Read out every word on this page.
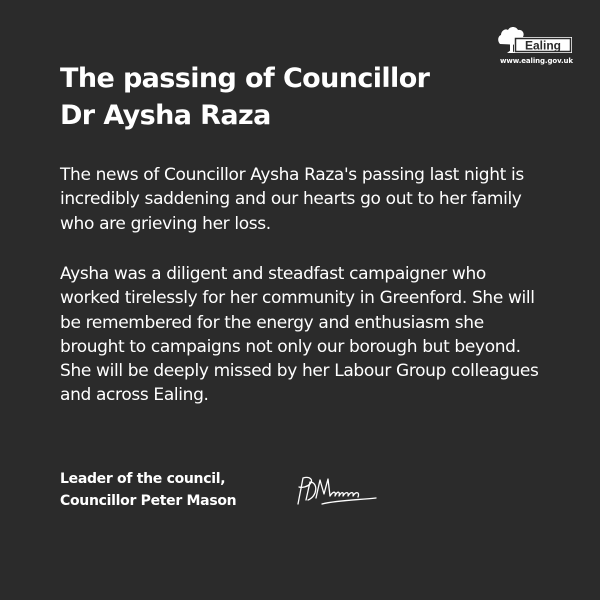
Ealing
www.ealing.gov.uk
The passing of Councillor
Dr Aysha Raza

The news of Councillor Aysha Raza's passing last night is incredibly saddening and our hearts go out to her family who are grieving her loss.

Aysha was a diligent and steadfast campaigner who worked tirelessly for her community in Greenford. She will be remembered for the energy and enthusiasm she brought to campaigns not only our borough but beyond. She will be deeply missed by her Labour Group colleagues and across Ealing.

Leader of the council,
Councillor Peter Mason
